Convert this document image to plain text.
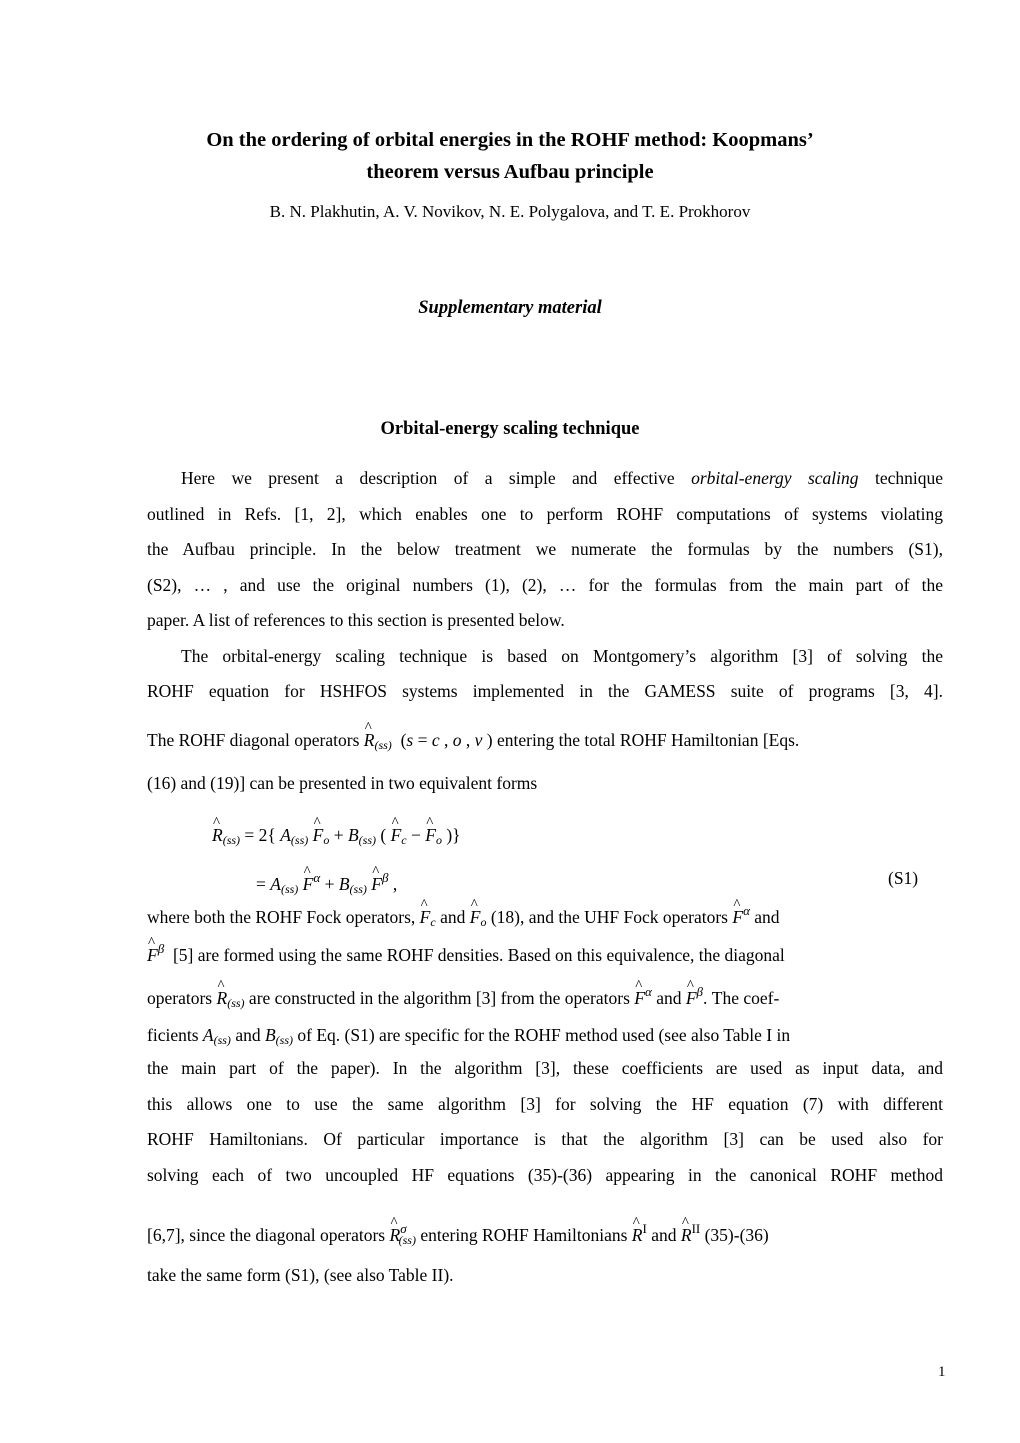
On the ordering of orbital energies in the ROHF method: Koopmans’
theorem versus Aufbau principle
B. N. Plakhutin, A. V. Novikov, N. E. Polygalova, and T. E. Prokhorov
Supplementary material
Orbital-energy scaling technique
Here we present a description of a simple and effective orbital-energy scaling technique
outlined in Refs. [1, 2], which enables one to perform ROHF computations of systems violating
the Aufbau principle. In the below treatment we numerate the formulas by the numbers (S1),
(S2), … , and use the original numbers (1), (2), … for the formulas from the main part of the
paper. A list of references to this section is presented below.
The orbital-energy scaling technique is based on Montgomery’s algorithm [3] of solving the
ROHF equation for HSHFOS systems implemented in the GAMESS suite of programs [3, 4].
The ROHF diagonal operators ^ $R_{(ss)}$  (s = c , o , v ) entering the total ROHF Hamiltonian [Eqs.
(16) and (19)] can be presented in two equivalent forms
^ $R_{(ss)} = 2${ $A_{(ss)}$ ^ $F_o + B_{(ss)}$ ( ^ $F_c$ − ^ $F_o$ )}
= $A_{(ss)}$ ^ $F^\alpha + B_{(ss)}$ ^ $F^\beta$ ,	(S1)
where both the ROHF Fock operators, ^ $F_c$ and ^ $F_o$ (18), and the UHF Fock operators ^ $F^\alpha$ and
^ $F^\beta$  [5] are formed using the same ROHF densities. Based on this equivalence, the diagonal
operators ^ $R_{(ss)}$ are constructed in the algorithm [3] from the operators ^ $F^\alpha$ and ^ $F^\beta$. The coef-
ficients $A_{(ss)}$ and $B_{(ss)}$ of Eq. (S1) are specific for the ROHF method used (see also Table I in
the main part of the paper). In the algorithm [3], these coefficients are used as input data, and
this allows one to use the same algorithm [3] for solving the HF equation (7) with different
ROHF Hamiltonians. Of particular importance is that the algorithm [3] can be used also for
solving each of two uncoupled HF equations (35)-(36) appearing in the canonical ROHF method
[6,7], since the diagonal operators ^ $R^\sigma_{(ss)}$ entering ROHF Hamiltonians ^ $R^I$ and ^ $R^{II}$ (35)-(36)
take the same form (S1), (see also Table II).
1
